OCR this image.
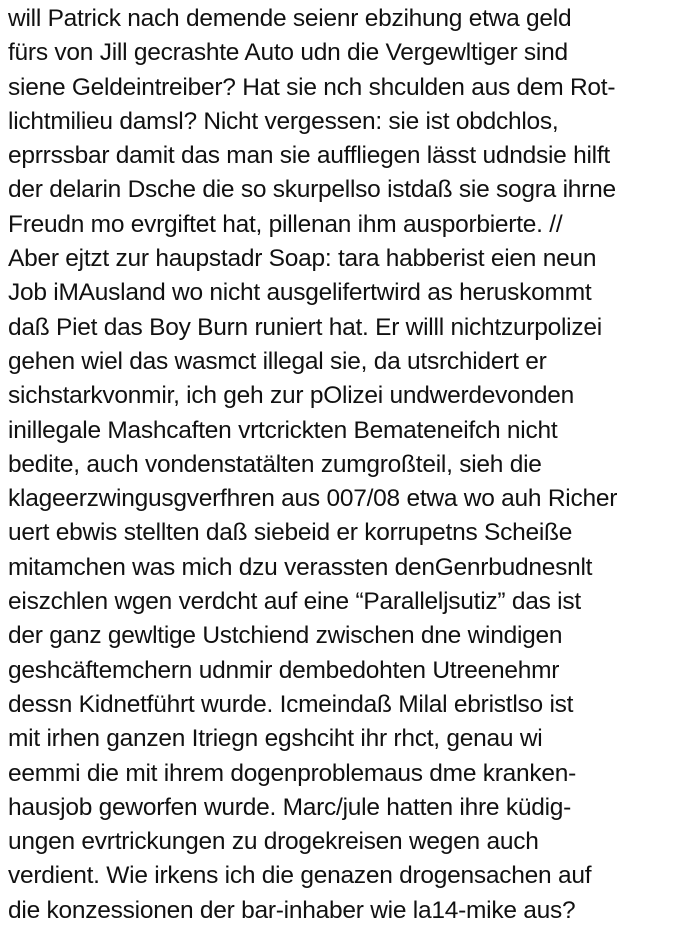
will Patrick nach demende seienr ebzihung etwa geld
fürs von Jill gecrashte Auto udn die Vergewltiger sind
siene Geldeintreiber? Hat sie nch shculden aus dem Rot-
lichtmilieu damsl? Nicht vergessen: sie ist obdchlos,
eprrssbar damit das man sie auffliegen lässt udndsie hilft
der delarin Dsche die so skurpellso istdaß sie sogra ihrne
Freudn mo evrgiftet hat, pillenan ihm ausporbierte. //
Aber ejtzt zur haupstadr Soap: tara habberist eien neun
Job iMAusland wo nicht ausgelifertwird as heruskommt
daß Piet das Boy Burn runiert hat. Er willl nichtzurpolizei
gehen wiel das wasmct illegal sie, da utsrchidert er
sichstarkvonmir, ich geh zur pOlizei undwerdevonden
inillegale Mashcaften vrtcrickten Bemateneifch nicht
bedite, auch vondenstatälten zumgroßteil, sieh die
klageerzwingusgverfhren aus 007/08 etwa wo auh Richer
uert ebwis stellten daß siebeid er korrupetns Scheiße
mitamchen was mich dzu verassten denGenrbudnesnlt
eiszchlen wgen verdcht auf eine “Paralleljsutiz” das ist
der ganz gewltige Ustchiend zwischen dne windigen
geshcäftemchern udnmir dembedohten Utreenehmr
dessn Kidnetführt wurde. Icmeindaß Milal ebristlso ist
mit irhen ganzen Itriegn egshciht ihr rhct, genau wi
eemmi die mit ihrem dogenproblemaus dme kranken-
hausjob geworfen wurde. Marc/jule hatten ihre küdig-
ungen evrtrickungen zu drogekreisen wegen auch
verdient. Wie irkens ich die genazen drogensachen auf
die konzessionen der bar-inhaber wie la14-mike aus?
